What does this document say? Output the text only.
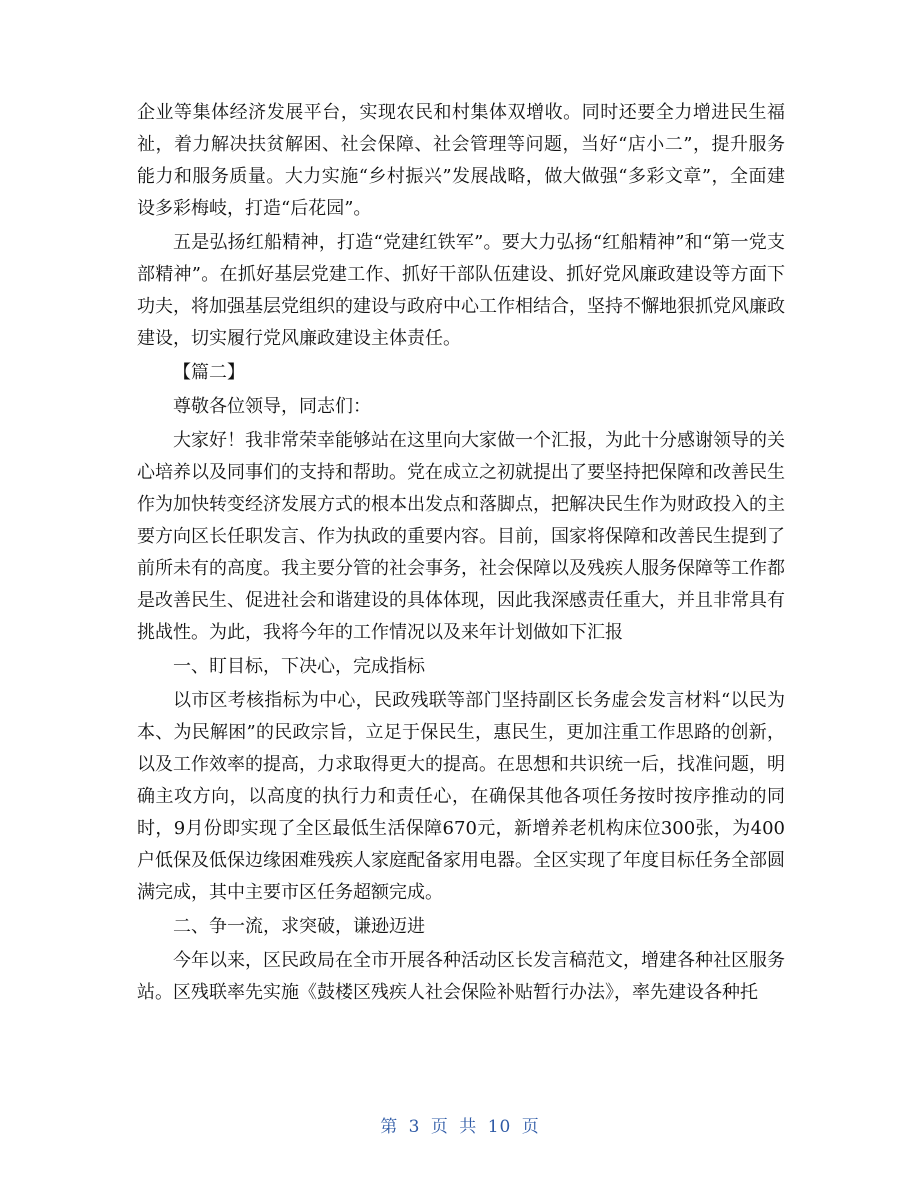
企业等集体经济发展平台，实现农民和村集体双增收。同时还要全力增进民生福祉，着力解决扶贫解困、社会保障、社会管理等问题，当好“店小二”，提升服务能力和服务质量。大力实施“乡村振兴”发展战略，做大做强“多彩文章”，全面建设多彩梅岐，打造“后花园”。

五是弘扬红船精神，打造“党建红铁军”。要大力弘扬“红船精神”和“第一党支部精神”。在抓好基层党建工作、抓好干部队伍建设、抓好党风廉政建设等方面下功夫，将加强基层党组织的建设与政府中心工作相结合，坚持不懈地狠抓党风廉政建设，切实履行党风廉政建设主体责任。

【篇二】

尊敬各位领导，同志们：

大家好！我非常荣幸能够站在这里向大家做一个汇报，为此十分感谢领导的关心培养以及同事们的支持和帮助。党在成立之初就提出了要坚持把保障和改善民生作为加快转变经济发展方式的根本出发点和落脚点，把解决民生作为财政投入的主要方向区长任职发言、作为执政的重要内容。目前，国家将保障和改善民生提到了前所未有的高度。我主要分管的社会事务，社会保障以及残疾人服务保障等工作都是改善民生、促进社会和谐建设的具体体现，因此我深感责任重大，并且非常具有挑战性。为此，我将今年的工作情况以及来年计划做如下汇报

一、盯目标，下决心，完成指标

以市区考核指标为中心，民政残联等部门坚持副区长务虚会发言材料“以民为本、为民解困”的民政宗旨，立足于保民生，惠民生，更加注重工作思路的创新，以及工作效率的提高，力求取得更大的提高。在思想和共识统一后，找准问题，明确主攻方向，以高度的执行力和责任心，在确保其他各项任务按时按序推动的同时，9月份即实现了全区最低生活保障670元，新增养老机构床位300张，为400户低保及低保边缘困难残疾人家庭配备家用电器。全区实现了年度目标任务全部圆满完成，其中主要市区任务超额完成。

二、争一流，求突破，谦逊迈进

今年以来，区民政局在全市开展各种活动区长发言稿范文，增建各种社区服务站。区残联率先实施《鼓楼区残疾人社会保险补贴暂行办法》，率先建设各种托

第 3 页 共 10 页
